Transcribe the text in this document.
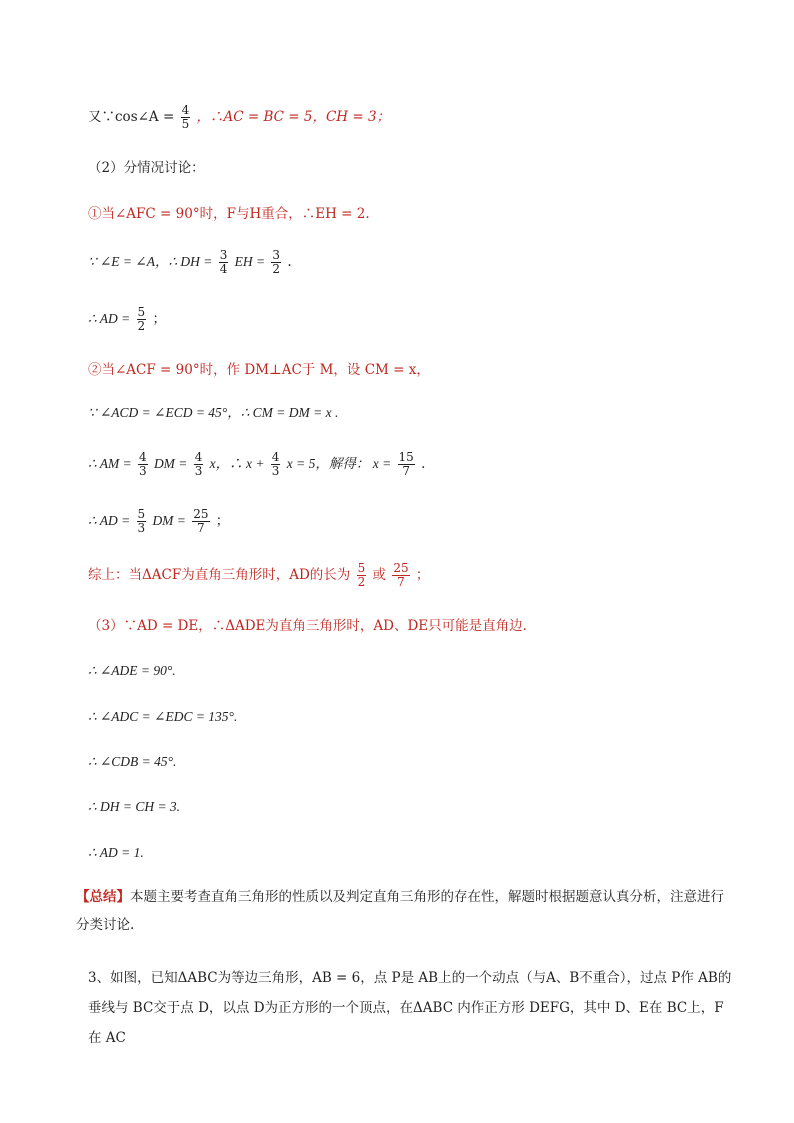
又∵cos∠A = $\frac{4}{5}$ ，∴AC = BC = 5，CH = 3；
（2）分情况讨论：
①当∠AFC = 90°时，F与H重合，∴EH = 2.
∵ ∠E = ∠A，∴ DH = $\frac{3}{4}$ EH = $\frac{3}{2}$ .
∴ AD = $\frac{5}{2}$ ；
②当∠ACF = 90°时，作 DM⊥AC于 M，设 CM = x，
∵ ∠ACD = ∠ECD = 45°，∴ CM = DM = x .
∴ AM = $\frac{4}{3}$ DM = $\frac{4}{3}$ x，∴ $x + \frac{4}{3}$ x = 5，解得： $x = \frac{15}{7}$ .
∴ AD = $\frac{5}{3}$ DM = $\frac{25}{7}$ ；
综上：当ΔACF为直角三角形时，AD的长为 $\frac{5}{2}$ 或 $\frac{25}{7}$ ；
（3）∵AD = DE，∴ΔADE为直角三角形时，AD、DE只可能是直角边.
∴ ∠ADE = 90°.
∴ ∠ADC = ∠EDC = 135°.
∴ ∠CDB = 45°.
∴ DH = CH = 3.
∴ AD = 1.
【总结】本题主要考查直角三角形的性质以及判定直角三角形的存在性，解题时根据题意认真分析，注意进行分类讨论.
3、如图，已知ΔABC为等边三角形，AB = 6，点 P是 AB上的一个动点（与A、B不重合），过点 P作 AB的垂线与 BC交于点 D，以点 D为正方形的一个顶点，在ΔABC 内作正方形 DEFG，其中 D、E在 BC上，F在 AC
